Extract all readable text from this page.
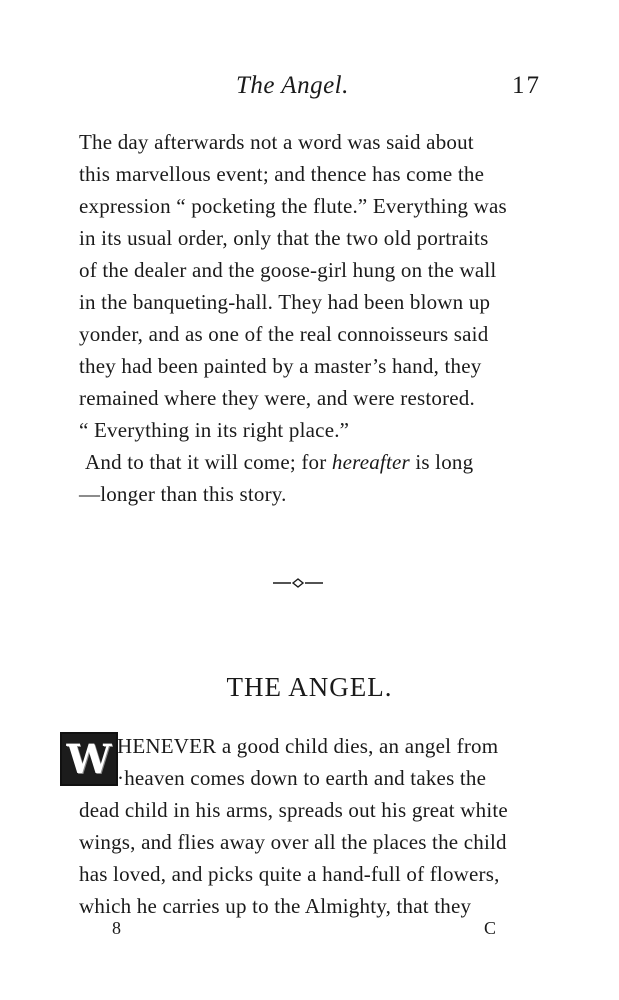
The Angel.	17
The day afterwards not a word was said about
this marvellous event; and thence has come the
expression “ pocketing the flute.” Everything was
in its usual order, only that the two old portraits
of the dealer and the goose-girl hung on the wall
in the banqueting-hall. They had been blown up
yonder, and as one of the real connoisseurs said
they had been painted by a master’s hand, they
remained where they were, and were restored.
“ Everything in its right place.”
And to that it will come; for hereafter is long
—longer than this story.
THE ANGEL.
W HENEVER a good child dies, an angel from
·heaven comes down to earth and takes the
dead child in his arms, spreads out his great white
wings, and flies away over all the places the child
has loved, and picks quite a hand-full of flowers,
which he carries up to the Almighty, that they
8	C
